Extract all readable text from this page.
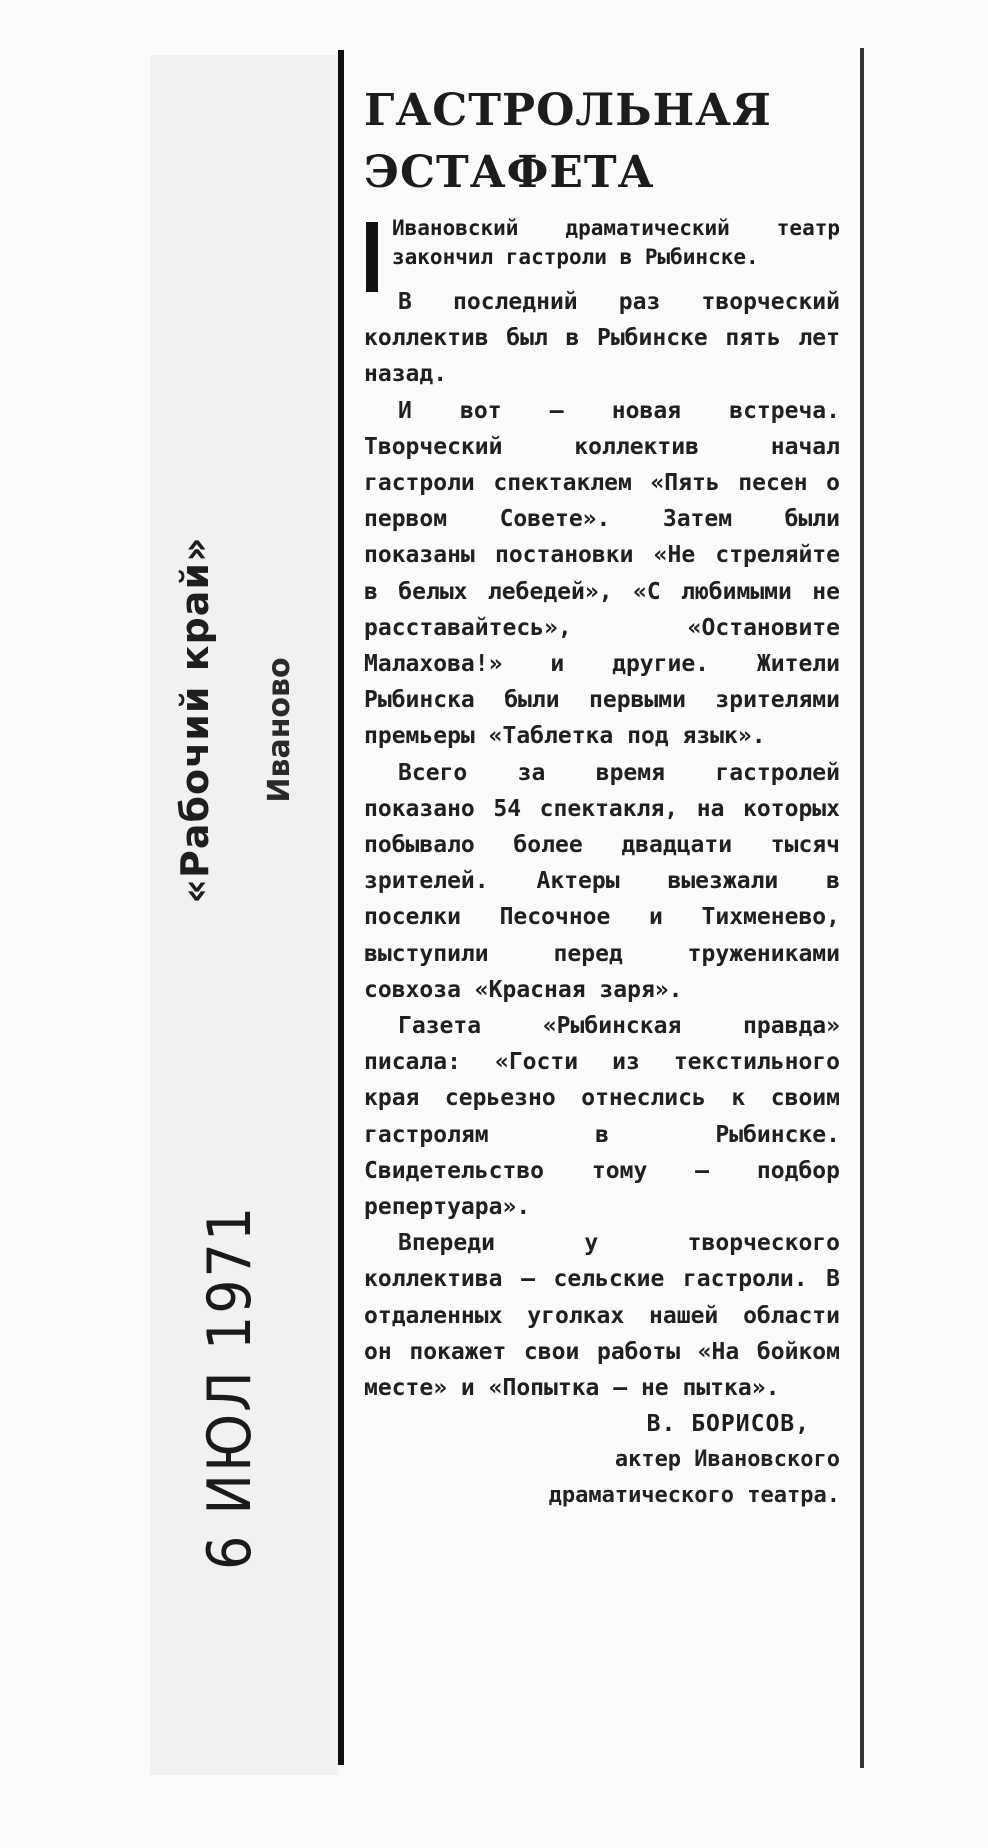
«Рабочий край» Иваново
6 ИЮЛ 1971
ГАСТРОЛЬНАЯ
ЭСТАФЕТА

Ивановский драматический театр закончил гастроли в Рыбинске.

В последний раз творческий коллектив был в Рыбинске пять лет назад.

И вот — новая встреча. Творческий коллектив начал гастроли спектаклем «Пять песен о первом Совете». Затем были показаны постановки «Не стреляйте в белых лебедей», «С любимыми не расставайтесь», «Остановите Малахова!» и другие. Жители Рыбинска были первыми зрителями премьеры «Таблетка под язык».

Всего за время гастролей показано 54 спектакля, на которых побывало более двадцати тысяч зрителей. Актеры выезжали в поселки Песочное и Тихменево, выступили перед тружениками совхоза «Красная заря».

Газета «Рыбинская правда» писала: «Гости из текстильного края серьезно отнеслись к своим гастролям в Рыбинске. Свидетельство тому — подбор репертуара».

Впереди у творческого коллектива — сельские гастроли. В отдаленных уголках нашей области он покажет свои работы «На бойком месте» и «Попытка — не пытка».

В. БОРИСОВ,

актер Ивановского

драматического театра.
